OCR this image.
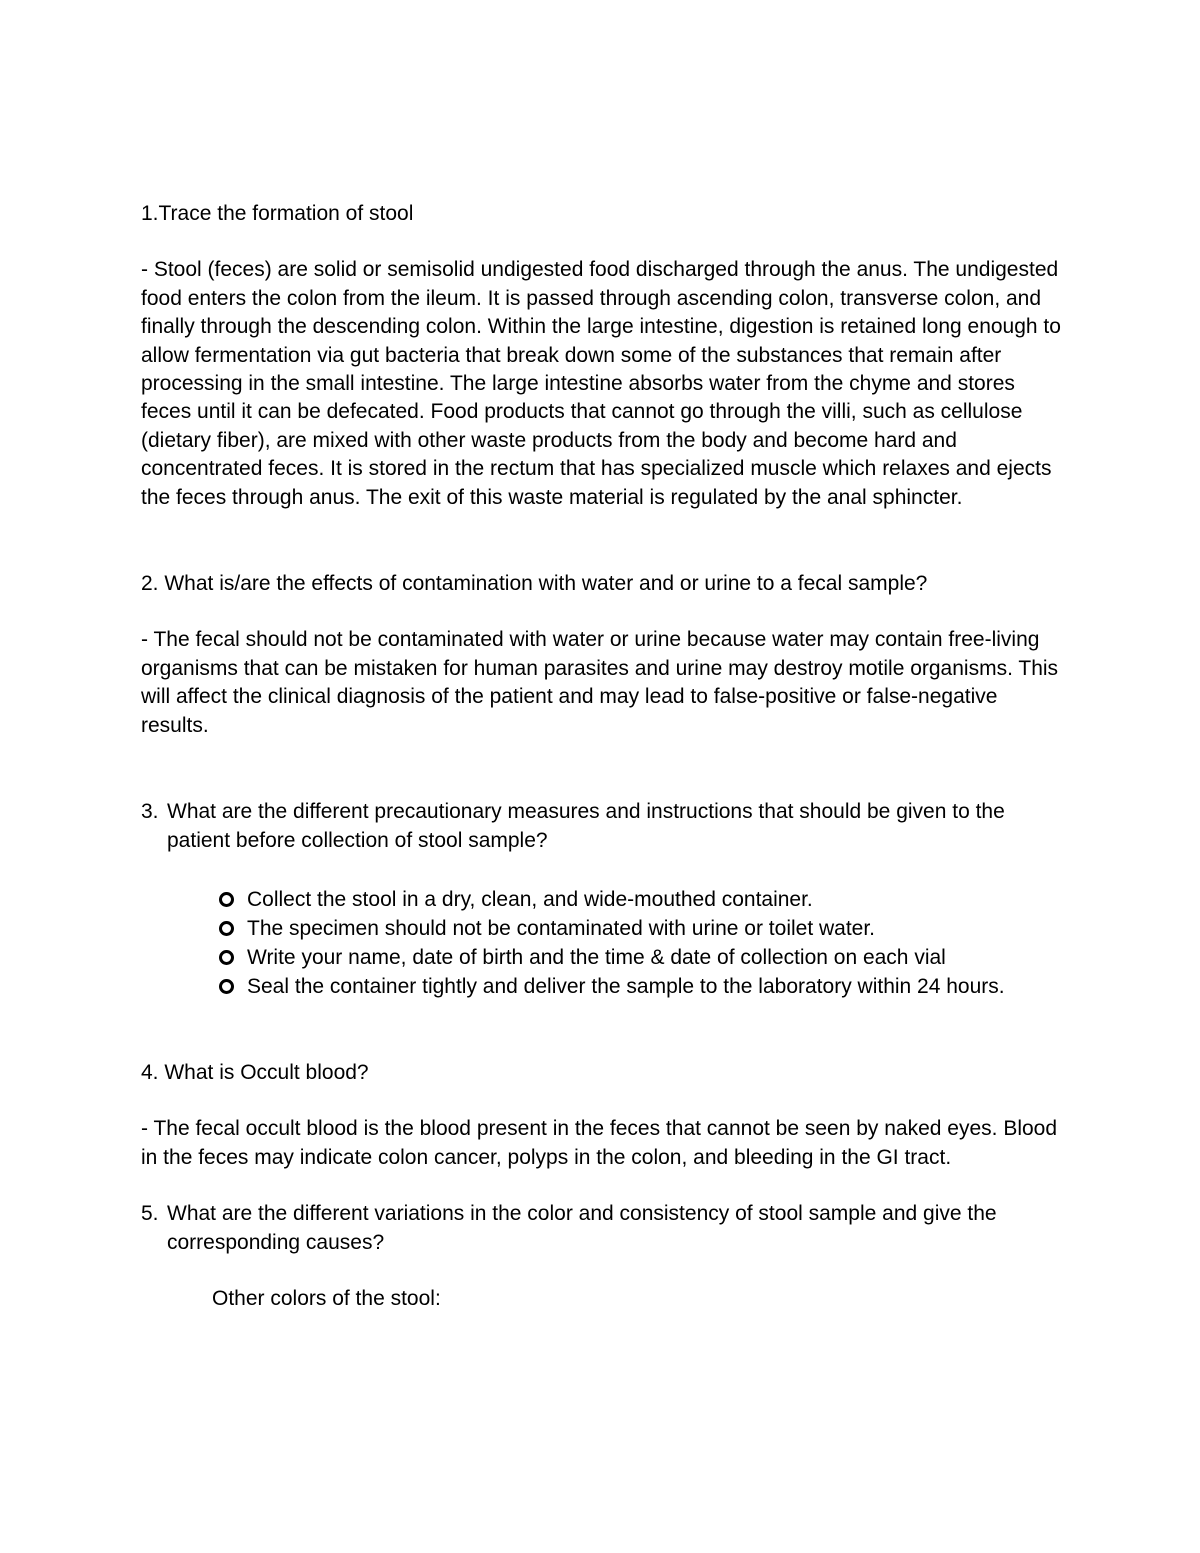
1.Trace the formation of stool

- Stool (feces) are solid or semisolid undigested food discharged through the anus. The undigested food enters the colon from the ileum. It is passed through ascending colon, transverse colon, and finally through the descending colon. Within the large intestine, digestion is retained long enough to allow fermentation via gut bacteria that break down some of the substances that remain after processing in the small intestine. The large intestine absorbs water from the chyme and stores feces until it can be defecated. Food products that cannot go through the villi, such as cellulose (dietary fiber), are mixed with other waste products from the body and become hard and concentrated feces. It is stored in the rectum that has specialized muscle which relaxes and ejects the feces through anus. The exit of this waste material is regulated by the anal sphincter.

2. What is/are the effects of contamination with water and or urine to a fecal sample?

- The fecal should not be contaminated with water or urine because water may contain free-living organisms that can be mistaken for human parasites and urine may destroy motile organisms. This will affect the clinical diagnosis of the patient and may lead to false-positive or false-negative results.

3. What are the different precautionary measures and instructions that should be given to the patient before collection of stool sample?

Collect the stool in a dry, clean, and wide-mouthed container.
The specimen should not be contaminated with urine or toilet water.
Write your name, date of birth and the time & date of collection on each vial
Seal the container tightly and deliver the sample to the laboratory within 24 hours.

4. What is Occult blood?

- The fecal occult blood is the blood present in the feces that cannot be seen by naked eyes. Blood in the feces may indicate colon cancer, polyps in the colon, and bleeding in the GI tract.

5. What are the different variations in the color and consistency of stool sample and give the corresponding causes?

Other colors of the stool:
